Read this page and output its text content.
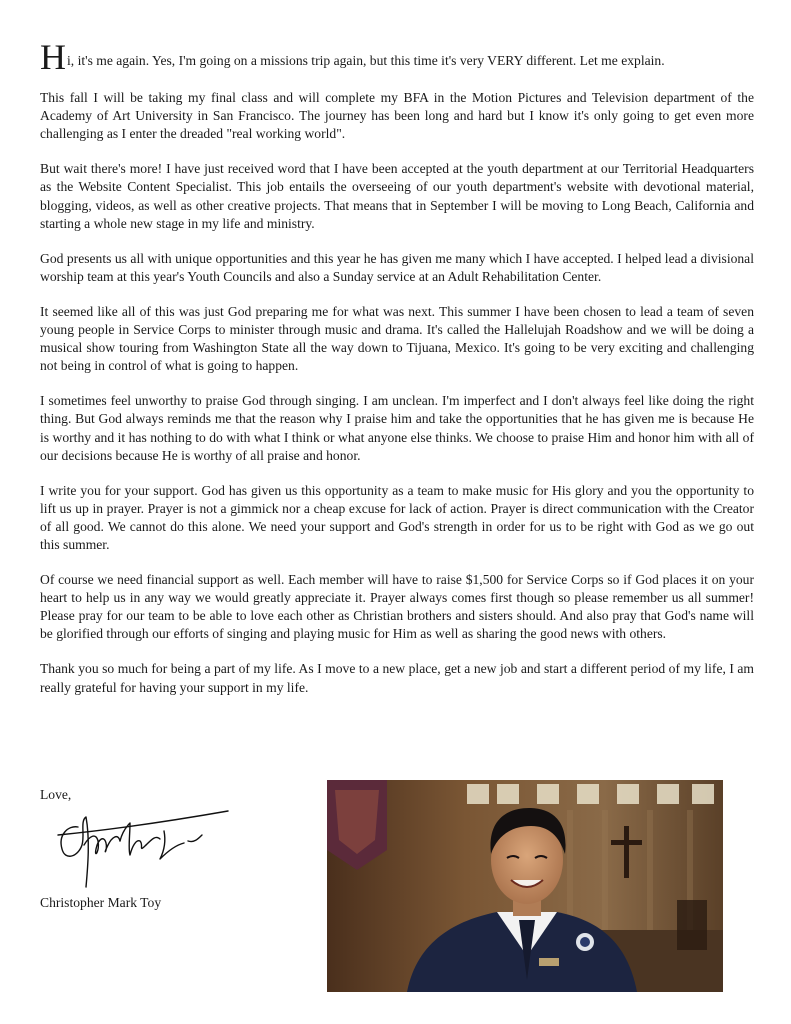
H i, it's me again. Yes, I'm going on a missions trip again, but this time it's very VERY different. Let me explain.

This fall I will be taking my final class and will complete my BFA in the Motion Pictures and Television department of the Academy of Art University in San Francisco. The journey has been long and hard but I know it's only going to get even more challenging as I enter the dreaded "real working world".

But wait there's more! I have just received word that I have been accepted at the youth department at our Territorial Headquarters as the Website Content Specialist. This job entails the overseeing of our youth department's website with devotional material, blogging, videos, as well as other creative projects. That means that in September I will be moving to Long Beach, California and starting a whole new stage in my life and ministry.

God presents us all with unique opportunities and this year he has given me many which I have accepted. I helped lead a divisional worship team at this year's Youth Councils and also a Sunday service at an Adult Rehabilitation Center.

It seemed like all of this was just God preparing me for what was next. This summer I have been chosen to lead a team of seven young people in Service Corps to minister through music and drama. It's called the Hallelujah Roadshow and we will be doing a musical show touring from Washington State all the way down to Tijuana, Mexico. It's going to be very exciting and challenging not being in control of what is going to happen.

I sometimes feel unworthy to praise God through singing. I am unclean. I'm imperfect and I don't always feel like doing the right thing. But God always reminds me that the reason why I praise him and take the opportunities that he has given me is because He is worthy and it has nothing to do with what I think or what anyone else thinks. We choose to praise Him and honor him with all of our decisions because He is worthy of all praise and honor.

I write you for your support. God has given us this opportunity as a team to make music for His glory and you the opportunity to lift us up in prayer. Prayer is not a gimmick nor a cheap excuse for lack of action. Prayer is direct communication with the Creator of all good. We cannot do this alone. We need your support and God's strength in order for us to be right with God as we go out this summer.

Of course we need financial support as well. Each member will have to raise $1,500 for Service Corps so if God places it on your heart to help us in any way we would greatly appreciate it. Prayer always comes first though so please remember us all summer! Please pray for our team to be able to love each other as Christian brothers and sisters should. And also pray that God's name will be glorified through our efforts of singing and playing music for Him as well as sharing the good news with others.

Thank you so much for being a part of my life. As I move to a new place, get a new job and start a different period of my life, I am really grateful for having your support in my life.

Love,
Christopher Mark Toy
